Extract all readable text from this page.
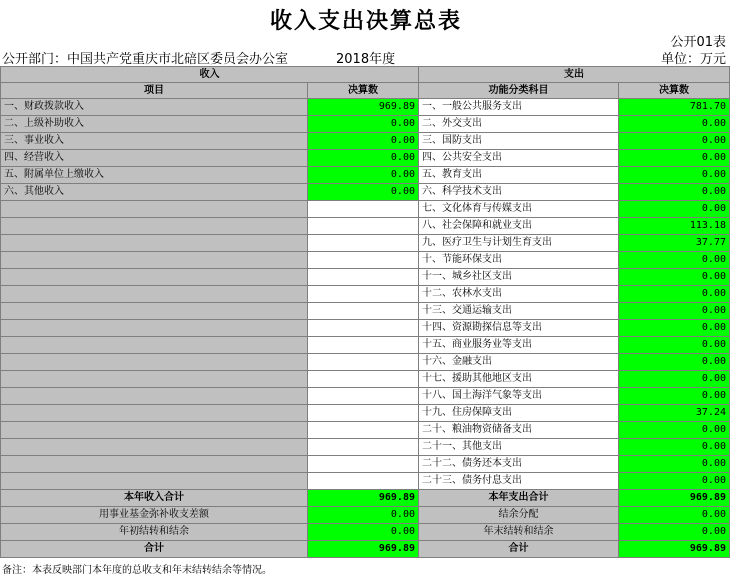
收入支出决算总表
公开01表
公开部门：中国共产党重庆市北碚区委员会办公室	2018年度	单位：万元
收入		支出	
项目	决算数	功能分类科目	决算数
一、财政拨款收入	969.89	一、一般公共服务支出	781.70
二、上级补助收入	0.00	二、外交支出	0.00
三、事业收入	0.00	三、国防支出	0.00
四、经营收入	0.00	四、公共安全支出	0.00
五、附属单位上缴收入	0.00	五、教育支出	0.00
六、其他收入	0.00	六、科学技术支出	0.00
		七、文化体育与传媒支出	0.00
		八、社会保障和就业支出	113.18
		九、医疗卫生与计划生育支出	37.77
		十、节能环保支出	0.00
		十一、城乡社区支出	0.00
		十二、农林水支出	0.00
		十三、交通运输支出	0.00
		十四、资源勘探信息等支出	0.00
		十五、商业服务业等支出	0.00
		十六、金融支出	0.00
		十七、援助其他地区支出	0.00
		十八、国土海洋气象等支出	0.00
		十九、住房保障支出	37.24
		二十、粮油物资储备支出	0.00
		二十一、其他支出	0.00
		二十二、债务还本支出	0.00
		二十三、债务付息支出	0.00
本年收入合计	969.89	本年支出合计	969.89
用事业基金弥补收支差额	0.00	结余分配	0.00
年初结转和结余	0.00	年末结转和结余	0.00
合计	969.89	合计	969.89
备注：本表反映部门本年度的总收支和年末结转结余等情况。
